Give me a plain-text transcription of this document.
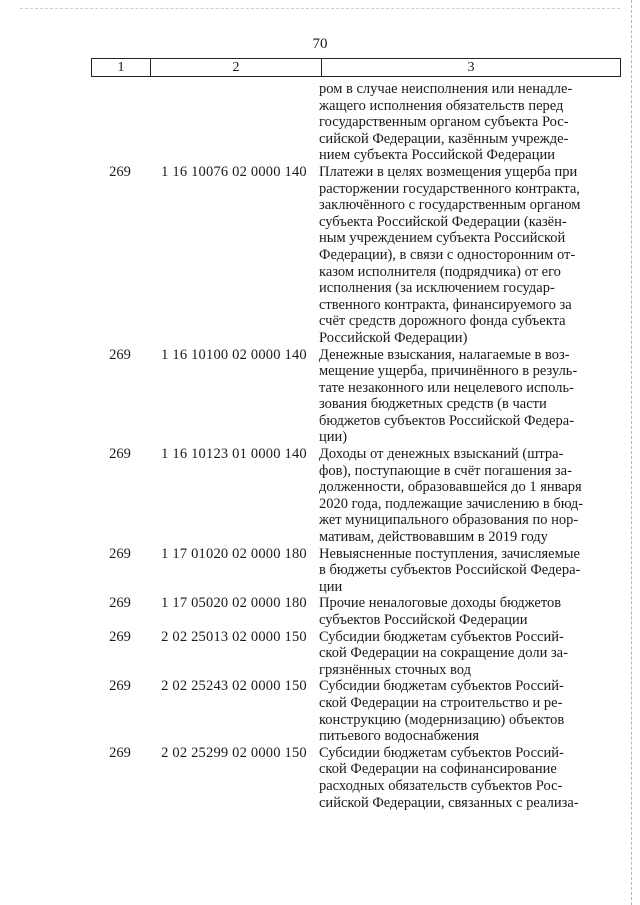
70
1	2	3
ром в случае неисполнения или ненадле-
жащего исполнения обязательств перед
государственным органом субъекта Рос-
сийской Федерации, казённым учрежде-
нием субъекта Российской Федерации
269	1 16 10076 02 0000 140 Платежи в целях возмещения ущерба при
расторжении государственного контракта,
заключённого с государственным органом
субъекта Российской Федерации (казён-
ным учреждением субъекта Российской
Федерации), в связи с односторонним от-
казом исполнителя (подрядчика) от его
исполнения (за исключением государ-
ственного контракта, финансируемого за
счёт средств дорожного фонда субъекта
Российской Федерации)
269	1 16 10100 02 0000 140 Денежные взыскания, налагаемые в воз-
мещение ущерба, причинённого в резуль-
тате незаконного или нецелевого исполь-
зования бюджетных средств (в части
бюджетов субъектов Российской Федера-
ции)
269	1 16 10123 01 0000 140 Доходы от денежных взысканий (штра-
фов), поступающие в счёт погашения за-
долженности, образовавшейся до 1 января
2020 года, подлежащие зачислению в бюд-
жет муниципального образования по нор-
мативам, действовавшим в 2019 году
269	1 17 01020 02 0000 180 Невыясненные поступления, зачисляемые
в бюджеты субъектов Российской Федера-
ции
269	1 17 05020 02 0000 180 Прочие неналоговые доходы бюджетов
субъектов Российской Федерации
269	2 02 25013 02 0000 150 Субсидии бюджетам субъектов Россий-
ской Федерации на сокращение доли за-
грязнённых сточных вод
269	2 02 25243 02 0000 150 Субсидии бюджетам субъектов Россий-
ской Федерации на строительство и ре-
конструкцию (модернизацию) объектов
питьевого водоснабжения
269	2 02 25299 02 0000 150 Субсидии бюджетам субъектов Россий-
ской Федерации на софинансирование
расходных обязательств субъектов Рос-
сийской Федерации, связанных с реализа-
